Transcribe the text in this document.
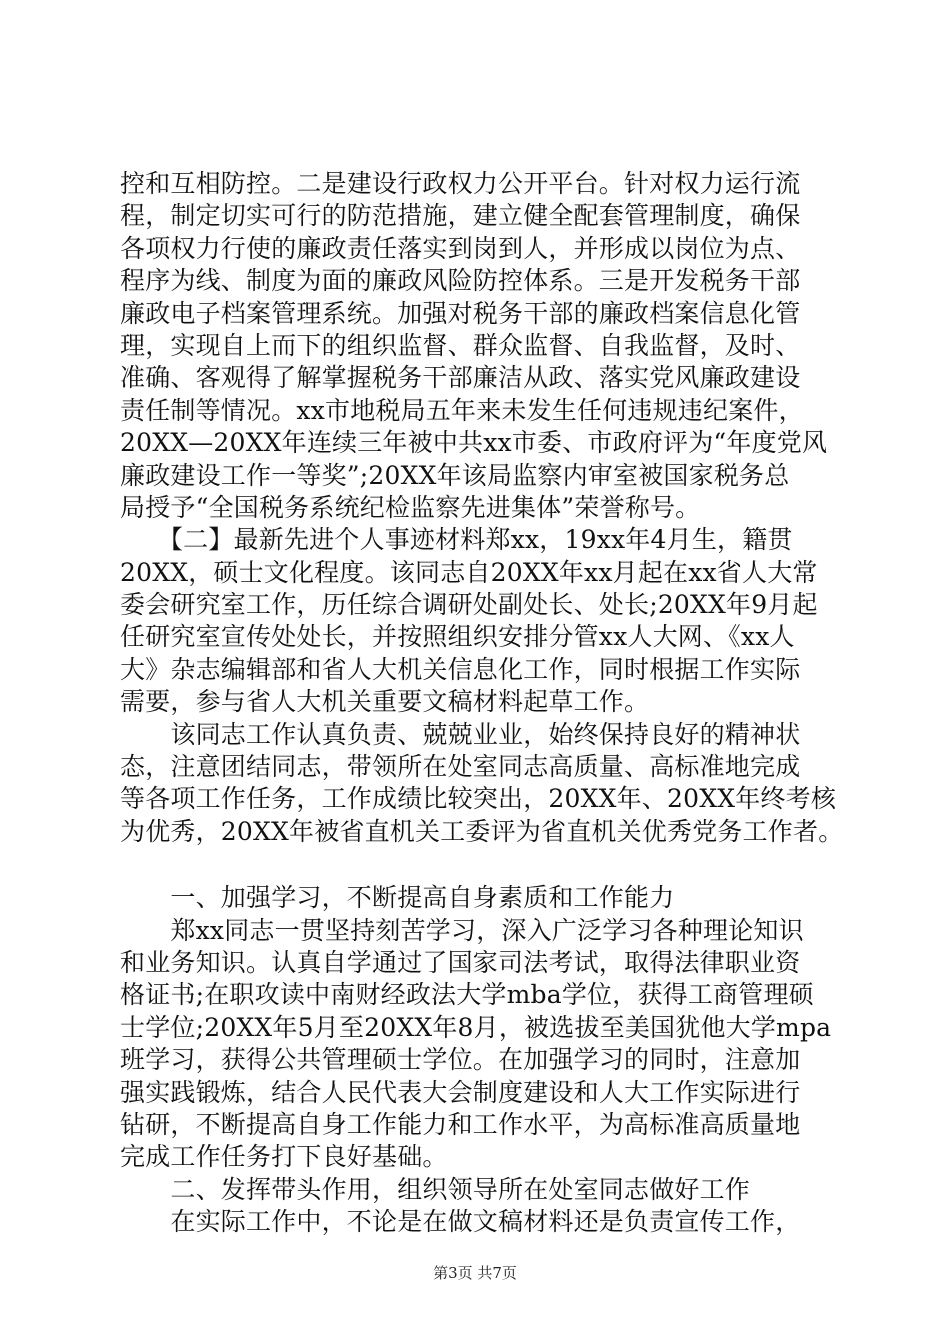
控和互相防控。二是建设行政权力公开平台。针对权力运行流
程，制定切实可行的防范措施，建立健全配套管理制度，确保
各项权力行使的廉政责任落实到岗到人，并形成以岗位为点、
程序为线、制度为面的廉政风险防控体系。三是开发税务干部
廉政电子档案管理系统。加强对税务干部的廉政档案信息化管
理，实现自上而下的组织监督、群众监督、自我监督，及时、
准确、客观得了解掌握税务干部廉洁从政、落实党风廉政建设
责任制等情况。xx市地税局五年来未发生任何违规违纪案件，
20XX—20XX年连续三年被中共xx市委、市政府评为“年度党风
廉政建设工作一等奖”;20XX年该局监察内审室被国家税务总
局授予“全国税务系统纪检监察先进集体”荣誉称号。
　　【二】最新先进个人事迹材料郑xx，19xx年4月生，籍贯
20XX，硕士文化程度。该同志自20XX年xx月起在xx省人大常
委会研究室工作，历任综合调研处副处长、处长;20XX年9月起
任研究室宣传处处长，并按照组织安排分管xx人大网、《xx人
大》杂志编辑部和省人大机关信息化工作，同时根据工作实际
需要，参与省人大机关重要文稿材料起草工作。
　　该同志工作认真负责、兢兢业业，始终保持良好的精神状
态，注意团结同志，带领所在处室同志高质量、高标准地完成
等各项工作任务，工作成绩比较突出，20XX年、20XX年终考核
为优秀，20XX年被省直机关工委评为省直机关优秀党务工作者。
　　一、加强学习，不断提高自身素质和工作能力
　　郑xx同志一贯坚持刻苦学习，深入广泛学习各种理论知识
和业务知识。认真自学通过了国家司法考试，取得法律职业资
格证书;在职攻读中南财经政法大学mba学位，获得工商管理硕
士学位;20XX年5月至20XX年8月，被选拔至美国犹他大学mpa
班学习，获得公共管理硕士学位。在加强学习的同时，注意加
强实践锻炼，结合人民代表大会制度建设和人大工作实际进行
钻研，不断提高自身工作能力和工作水平，为高标准高质量地
完成工作任务打下良好基础。
　　二、发挥带头作用，组织领导所在处室同志做好工作
　　在实际工作中，不论是在做文稿材料还是负责宣传工作，
第3页 共7页
